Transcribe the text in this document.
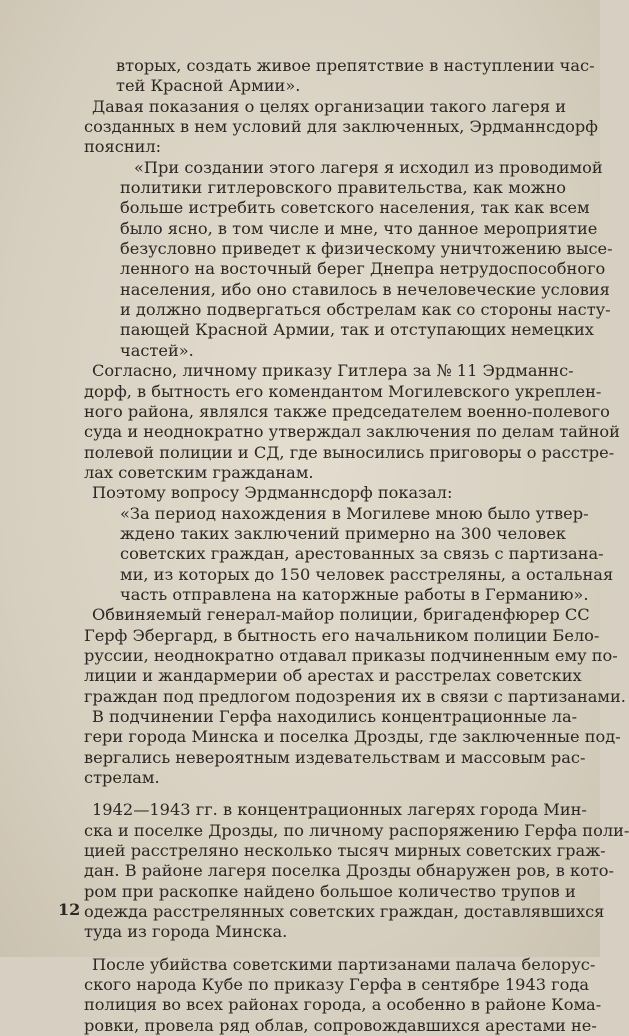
вторых, создать живое препятствие в наступлении час-
тей Красной Армии».
Давая показания о целях организации такого лагеря и
созданных в нем условий для заключенных, Эрдманнсдорф
пояснил:
«При создании этого лагеря я исходил из проводимой
политики гитлеровского правительства, как можно
больше истребить советского населения, так как всем
было ясно, в том числе и мне, что данное мероприятие
безусловно приведет к физическому уничтожению высе-
ленного на восточный берег Днепра нетрудоспособного
населения, ибо оно ставилось в нечеловеческие условия
и должно подвергаться обстрелам как со стороны насту-
пающей Красной Армии, так и отступающих немецких
частей».
Согласно, личному приказу Гитлера за № 11 Эрдманнс-
дорф, в бытность его комендантом Могилевского укреплен-
ного района, являлся также председателем военно-полевого
суда и неоднократно утверждал заключения по делам тайной
полевой полиции и СД, где выносились приговоры о расстре-
лах советским гражданам.
Поэтому вопросу Эрдманнсдорф показал:
«За период нахождения в Могилеве мною было утвер-
ждено таких заключений примерно на 300 человек
советских граждан, арестованных за связь с партизана-
ми, из которых до 150 человек расстреляны, а остальная
часть отправлена на каторжные работы в Германию».
Обвиняемый генерал-майор полиции, бригаденфюрер СС
Герф Эбергард, в бытность его начальником полиции Бело-
руссии, неоднократно отдавал приказы подчиненным ему по-
лиции и жандармерии об арестах и расстрелах советских
граждан под предлогом подозрения их в связи с партизанами.
В подчинении Герфа находились концентрационные ла-
гери города Минска и поселка Дрозды, где заключенные под-
вергались невероятным издевательствам и массовым рас-
стрелам.
1942—1943 гг. в концентрационных лагерях города Мин-
ска и поселке Дрозды, по личному распоряжению Герфа поли-
цией расстреляно несколько тысяч мирных советских граж-
дан. В районе лагеря поселка Дрозды обнаружен ров, в кото-
ром при раскопке найдено большое количество трупов и
одежда расстрелянных советских граждан, доставлявшихся
туда из города Минска.
После убийства советскими партизанами палача белорус-
ского народа Кубе по приказу Герфа в сентябре 1943 года
полиция во всех районах города, а особенно в районе Кома-
ровки, провела ряд облав, сопровождавшихся арестами не-
12
